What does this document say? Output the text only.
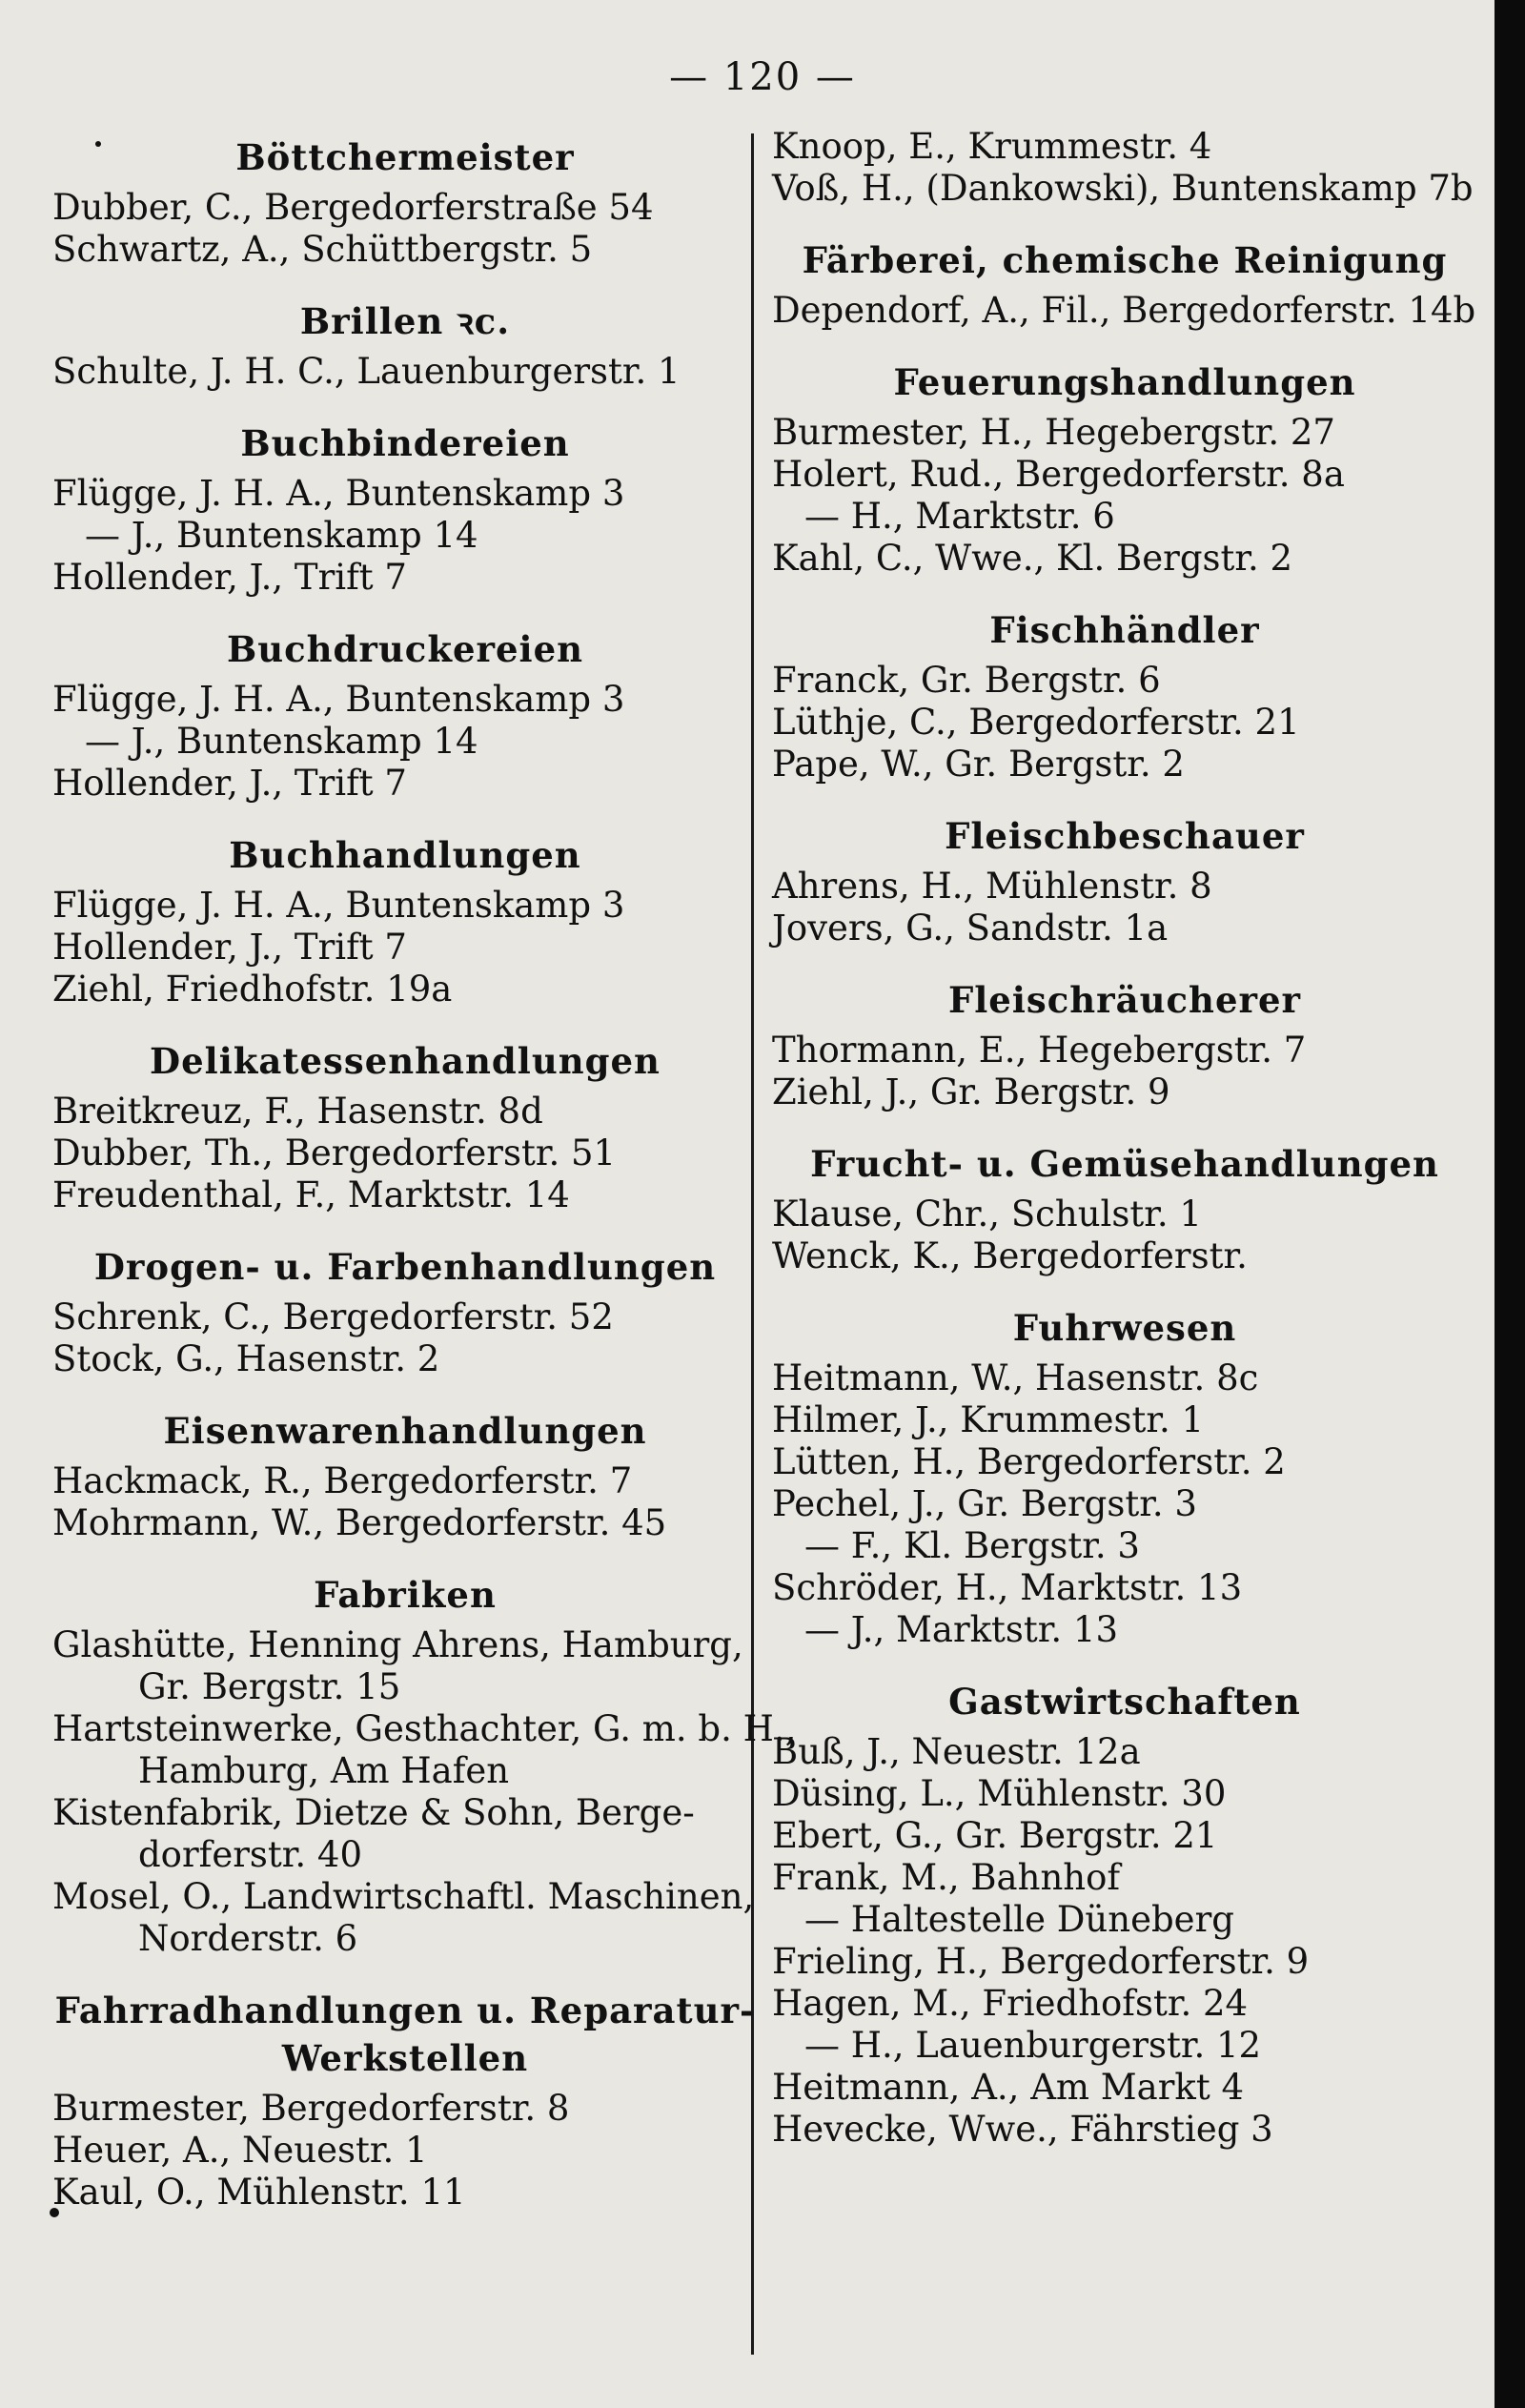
— 120 —
Böttchermeister
Dubber, C., Bergedorferstraße 54
Schwartz, A., Schüttbergstr. 5
Brillen ꝛc.
Schulte, J. H. C., Lauenburgerstr. 1
Buchbindereien
Flügge, J. H. A., Buntenskamp 3
— J., Buntenskamp 14
Hollender, J., Trift 7
Buchdruckereien
Flügge, J. H. A., Buntenskamp 3
— J., Buntenskamp 14
Hollender, J., Trift 7
Buchhandlungen
Flügge, J. H. A., Buntenskamp 3
Hollender, J., Trift 7
Ziehl, Friedhofstr. 19a
Delikatessenhandlungen
Breitkreuz, F., Hasenstr. 8d
Dubber, Th., Bergedorferstr. 51
Freudenthal, F., Marktstr. 14
Drogen- u. Farbenhandlungen
Schrenk, C., Bergedorferstr. 52
Stock, G., Hasenstr. 2
Eisenwarenhandlungen
Hackmack, R., Bergedorferstr. 7
Mohrmann, W., Bergedorferstr. 45
Fabriken
Glashütte, Henning Ahrens, Hamburg,
Gr. Bergstr. 15
Hartsteinwerke, Gesthachter, G. m. b. H.,
Hamburg, Am Hafen
Kistenfabrik, Dietze & Sohn, Berge-
dorferstr. 40
Mosel, O., Landwirtschaftl. Maschinen,
Norderstr. 6
Fahrradhandlungen u. Reparatur-
Werkstellen
Burmester, Bergedorferstr. 8
Heuer, A., Neuestr. 1
Kaul, O., Mühlenstr. 11
Knoop, E., Krummestr. 4
Voß, H., (Dankowski), Buntenskamp 7b
Färberei, chemische Reinigung
Dependorf, A., Fil., Bergedorferstr. 14b
Feuerungshandlungen
Burmester, H., Hegebergstr. 27
Holert, Rud., Bergedorferstr. 8a
— H., Marktstr. 6
Kahl, C., Wwe., Kl. Bergstr. 2
Fischhändler
Franck, Gr. Bergstr. 6
Lüthje, C., Bergedorferstr. 21
Pape, W., Gr. Bergstr. 2
Fleischbeschauer
Ahrens, H., Mühlenstr. 8
Jovers, G., Sandstr. 1a
Fleischräucherer
Thormann, E., Hegebergstr. 7
Ziehl, J., Gr. Bergstr. 9
Frucht- u. Gemüsehandlungen
Klause, Chr., Schulstr. 1
Wenck, K., Bergedorferstr.
Fuhrwesen
Heitmann, W., Hasenstr. 8c
Hilmer, J., Krummestr. 1
Lütten, H., Bergedorferstr. 2
Pechel, J., Gr. Bergstr. 3
— F., Kl. Bergstr. 3
Schröder, H., Marktstr. 13
— J., Marktstr. 13
Gastwirtschaften
Buß, J., Neuestr. 12a
Düsing, L., Mühlenstr. 30
Ebert, G., Gr. Bergstr. 21
Frank, M., Bahnhof
— Haltestelle Düneberg
Frieling, H., Bergedorferstr. 9
Hagen, M., Friedhofstr. 24
— H., Lauenburgerstr. 12
Heitmann, A., Am Markt 4
Hevecke, Wwe., Fährstieg 3
